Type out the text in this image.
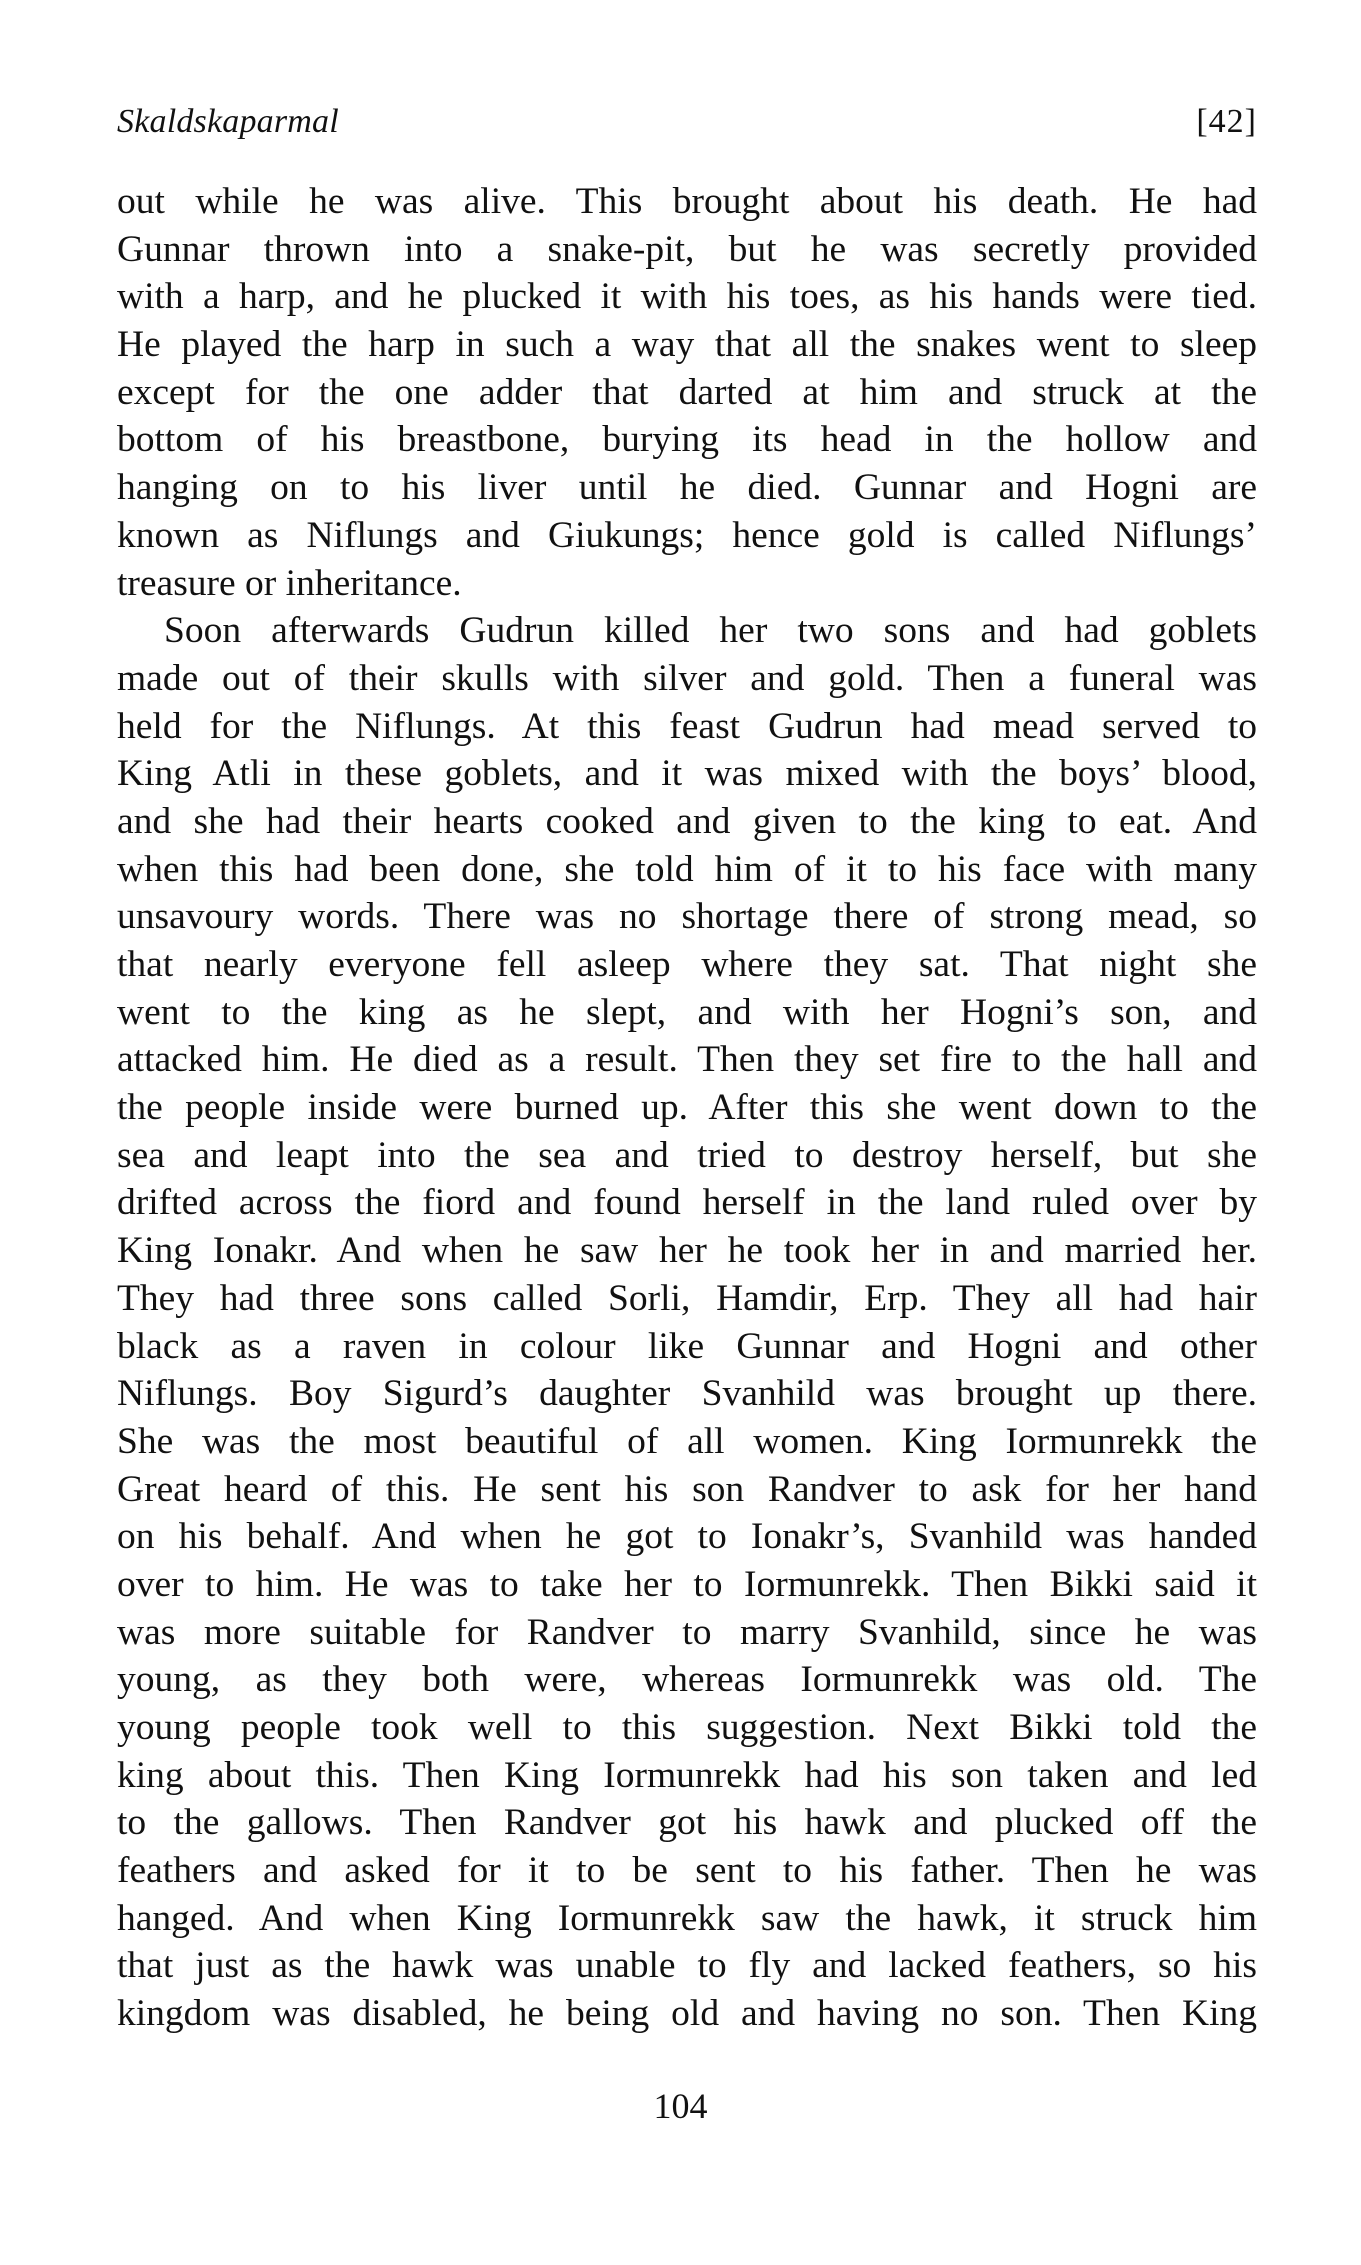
Skaldskaparmal	[42]
out while he was alive. This brought about his death. He had
Gunnar thrown into a snake-pit, but he was secretly provided
with a harp, and he plucked it with his toes, as his hands were tied.
He played the harp in such a way that all the snakes went to sleep
except for the one adder that darted at him and struck at the
bottom of his breastbone, burying its head in the hollow and
hanging on to his liver until he died. Gunnar and Hogni are
known as Niflungs and Giukungs; hence gold is called Niflungs’
treasure or inheritance.
Soon afterwards Gudrun killed her two sons and had goblets
made out of their skulls with silver and gold. Then a funeral was
held for the Niflungs. At this feast Gudrun had mead served to
King Atli in these goblets, and it was mixed with the boys’ blood,
and she had their hearts cooked and given to the king to eat. And
when this had been done, she told him of it to his face with many
unsavoury words. There was no shortage there of strong mead, so
that nearly everyone fell asleep where they sat. That night she
went to the king as he slept, and with her Hogni’s son, and
attacked him. He died as a result. Then they set fire to the hall and
the people inside were burned up. After this she went down to the
sea and leapt into the sea and tried to destroy herself, but she
drifted across the fiord and found herself in the land ruled over by
King Ionakr. And when he saw her he took her in and married her.
They had three sons called Sorli, Hamdir, Erp. They all had hair
black as a raven in colour like Gunnar and Hogni and other
Niflungs. Boy Sigurd’s daughter Svanhild was brought up there.
She was the most beautiful of all women. King Iormunrekk the
Great heard of this. He sent his son Randver to ask for her hand
on his behalf. And when he got to Ionakr’s, Svanhild was handed
over to him. He was to take her to Iormunrekk. Then Bikki said it
was more suitable for Randver to marry Svanhild, since he was
young, as they both were, whereas Iormunrekk was old. The
young people took well to this suggestion. Next Bikki told the
king about this. Then King Iormunrekk had his son taken and led
to the gallows. Then Randver got his hawk and plucked off the
feathers and asked for it to be sent to his father. Then he was
hanged. And when King Iormunrekk saw the hawk, it struck him
that just as the hawk was unable to fly and lacked feathers, so his
kingdom was disabled, he being old and having no son. Then King
104
